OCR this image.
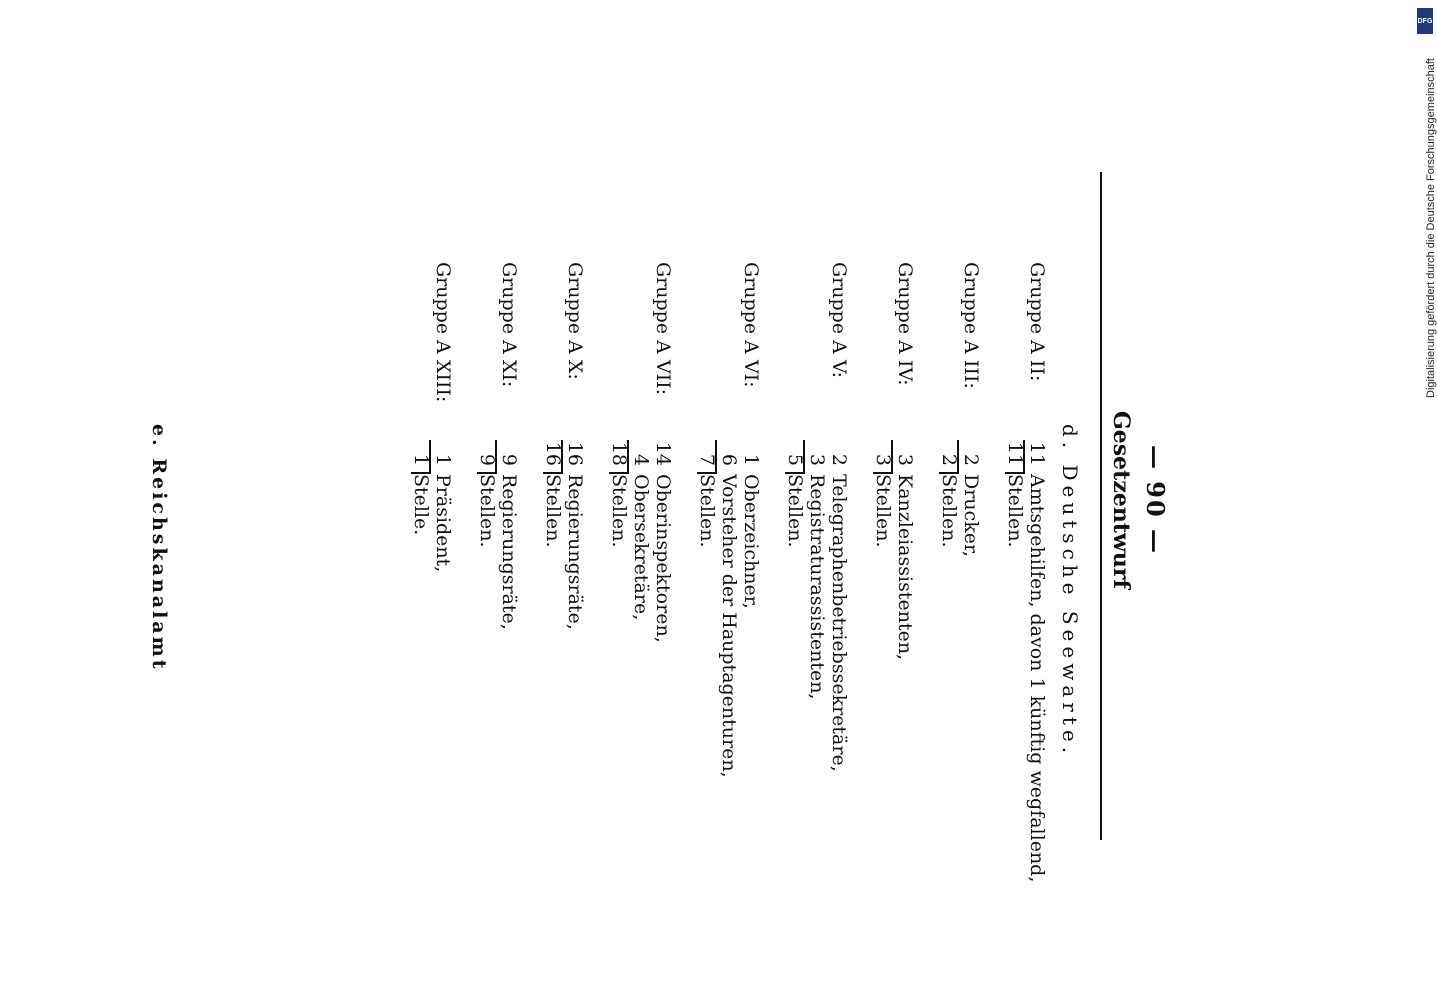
— 90 —
Gesetzentwurf
d. Deutsche Seewarte.
Gruppe A II:
11
Amtsgehilfen, davon 1 künftig wegfallend,
11
Stellen.
Gruppe A III:
2
Drucker,
2
Stellen.
Gruppe A IV:
3
Kanzleiassistenten,
3
Stellen.
Gruppe A V:
2
Telegraphenbetriebssekretäre,
3
Registraturassistenten,
5
Stellen.
Gruppe A VI:
1
Oberzeichner,
6
Vorsteher der Hauptagenturen,
7
Stellen.
Gruppe A VII:
14
Oberinspektoren,
4
Obersekretäre,
18
Stellen.
Gruppe A X:
16
Regierungsräte,
16
Stellen.
Gruppe A XI:
9
Regierungsräte,
9
Stellen.
Gruppe A XIII:
1
Präsident,
1
Stelle.
e. Reichskanalamt
DFG
Digitalisierung gefördert durch die Deutsche Forschungsgemeinschaft
